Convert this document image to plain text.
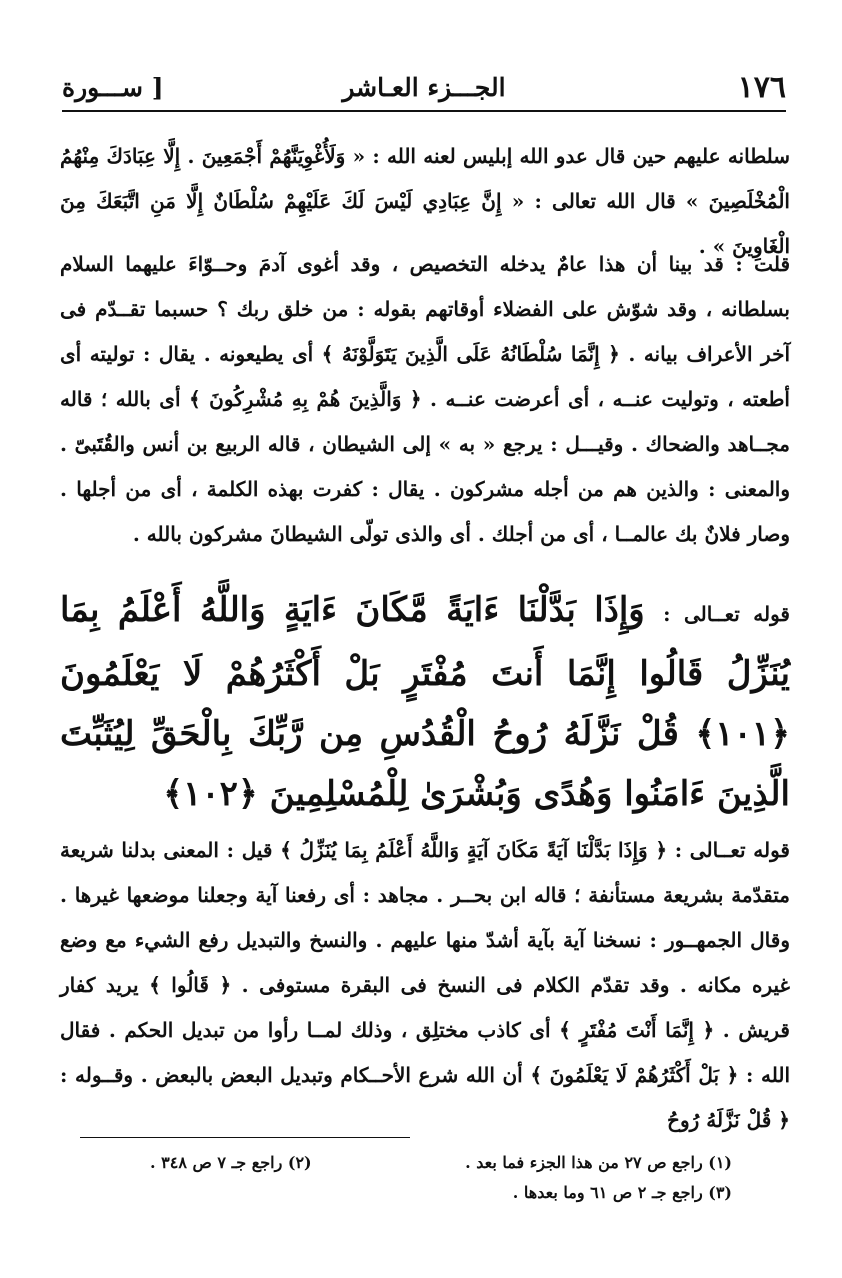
١٧٦
الجـــزء العـاشر
[ ســـورة

سلطانه عليهم حين قال عدو الله إبليس لعنه الله : « وَلَأُغْوِيَنَّهُمْ أَجْمَعِينَ . إِلَّا عِبَادَكَ مِنْهُمُ الْمُخْلَصِينَ » قال الله تعالى : « إِنَّ عِبَادِي لَيْسَ لَكَ عَلَيْهِمْ سُلْطَانٌ إِلَّا مَنِ اتَّبَعَكَ مِنَ الْغَاوِينَ » .

قلت : قد بينا أن هذا عامٌ يدخله التخصيص ، وقد أغوى آدمَ وحــوّاءَ عليهما السلام بسلطانه ، وقد شوّش على الفضلاء أوقاتهم بقوله : من خلق ربك ؟ حسبما تقــدّم فى آخر الأعراف بيانه . ﴿ إِنَّمَا سُلْطَانُهُ عَلَى الَّذِينَ يَتَوَلَّوْنَهُ ﴾ أى يطيعونه . يقال : توليته أى أطعته ، وتوليت عنــه ، أى أعرضت عنــه . ﴿ وَالَّذِينَ هُمْ بِهِ مُشْرِكُونَ ﴾ أى بالله ؛ قاله مجــاهد والضحاك . وقيـــل : يرجع « به » إلى الشيطان ، قاله الربيع بن أنس والقُتَبىّ . والمعنى : والذين هم من أجله مشركون . يقال : كفرت بهذه الكلمة ، أى من أجلها . وصار فلانٌ بك عالمــا ، أى من أجلك . أى والذى تولّى الشيطانَ مشركون بالله .

قوله تعــالى : وَإِذَا بَدَّلْنَا ءَايَةً مَّكَانَ ءَايَةٍ وَاللَّهُ أَعْلَمُ بِمَا يُنَزِّلُ قَالُوا إِنَّمَا أَنتَ مُفْتَرٍ بَلْ أَكْثَرُهُمْ لَا يَعْلَمُونَ ﴿١٠١﴾ قُلْ نَزَّلَهُ رُوحُ الْقُدُسِ مِن رَّبِّكَ بِالْحَقِّ لِيُثَبِّتَ الَّذِينَ ءَامَنُوا وَهُدًى وَبُشْرَىٰ لِلْمُسْلِمِينَ ﴿١٠٢﴾

قوله تعــالى : ﴿ وَإِذَا بَدَّلْنَا آيَةً مَكَانَ آيَةٍ وَاللَّهُ أَعْلَمُ بِمَا يُنَزِّلُ ﴾ قيل : المعنى بدلنا شريعة متقدّمة بشريعة مستأنفة ؛ قاله ابن بحــر . مجاهد : أى رفعنا آية وجعلنا موضعها غيرها . وقال الجمهــور : نسخنا آية بآية أشدّ منها عليهم . والنسخ والتبديل رفع الشيء مع وضع غيره مكانه . وقد تقدّم الكلام فى النسخ فى البقرة مستوفى . ﴿ قَالُوا ﴾ يريد كفار قريش . ﴿ إِنَّمَا أَنْتَ مُفْتَرٍ ﴾ أى كاذب مختلِق ، وذلك لمــا رأوا من تبديل الحكم . فقال الله : ﴿ بَلْ أَكْثَرُهُمْ لَا يَعْلَمُونَ ﴾ أن الله شرع الأحــكام وتبديل البعض بالبعض . وقــوله : ﴿ قُلْ نَزَّلَهُ رُوحُ

(١) راجع ص ٢٧ من هذا الجزء فما بعد .
(٢) راجع جـ ٧ ص ٣٤٨ .
(٣) راجع جـ ٢ ص ٦١ وما بعدها .
